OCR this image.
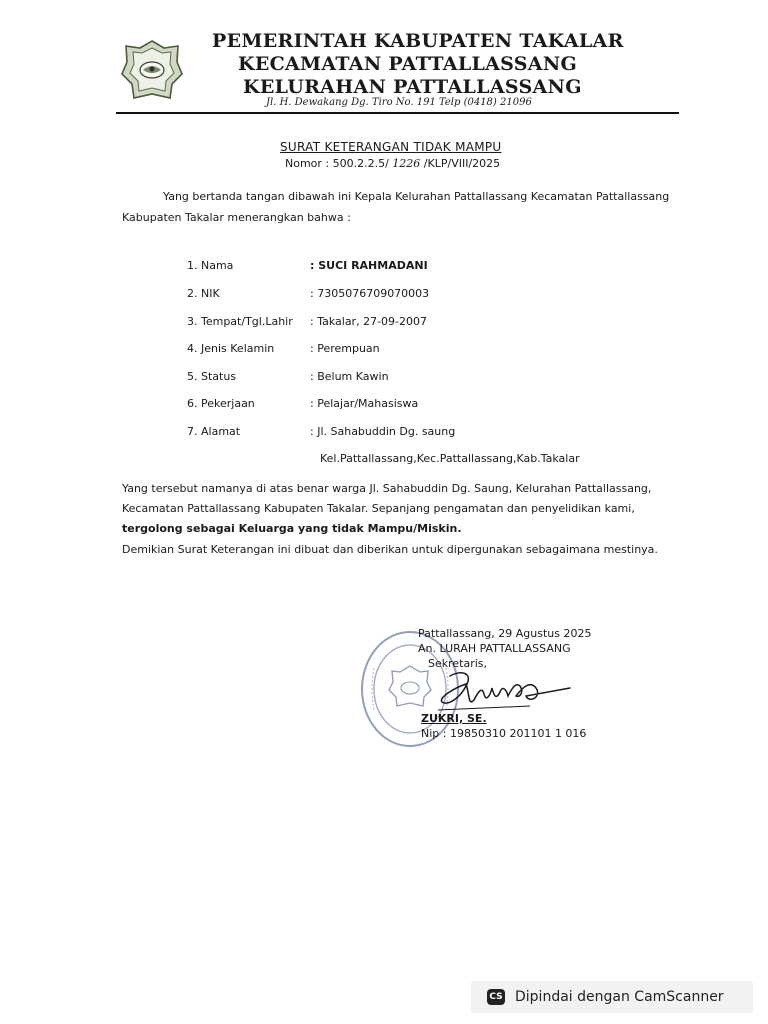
PEMERINTAH KABUPATEN TAKALAR
KECAMATAN PATTALLASSANG
KELURAHAN PATTALLASSANG
Jl. H. Dewakang Dg. Tiro No. 191 Telp (0418) 21096
SURAT KETERANGAN TIDAK MAMPU
Nomor : 500.2.2.5/ 1226 /KLP/VIII/2025
Yang bertanda tangan dibawah ini Kepala Kelurahan Pattallassang Kecamatan Pattallassang
Kabupaten Takalar menerangkan bahwa :
1. Nama	: SUCI RAHMADANI
2. NIK	: 7305076709070003
3. Tempat/Tgl.Lahir : Takalar, 27-09-2007
4. Jenis Kelamin	: Perempuan
5. Status	: Belum Kawin
6. Pekerjaan	: Pelajar/Mahasiswa
7. Alamat	: Jl. Sahabuddin Dg. saung
Kel.Pattallassang,Kec.Pattallassang,Kab.Takalar
Yang tersebut namanya di atas benar warga Jl. Sahabuddin Dg. Saung, Kelurahan Pattallassang,
Kecamatan Pattallassang Kabupaten Takalar. Sepanjang pengamatan dan penyelidikan kami,
tergolong sebagai Keluarga yang tidak Mampu/Miskin.
Demikian Surat Keterangan ini dibuat dan diberikan untuk dipergunakan sebagaimana mestinya.
Pattallassang, 29 Agustus 2025
An. LURAH PATTALLASSANG
Sekretaris,
ZUKRI, SE.
Nip : 19850310 201101 1 016
CS Dipindai dengan CamScanner
